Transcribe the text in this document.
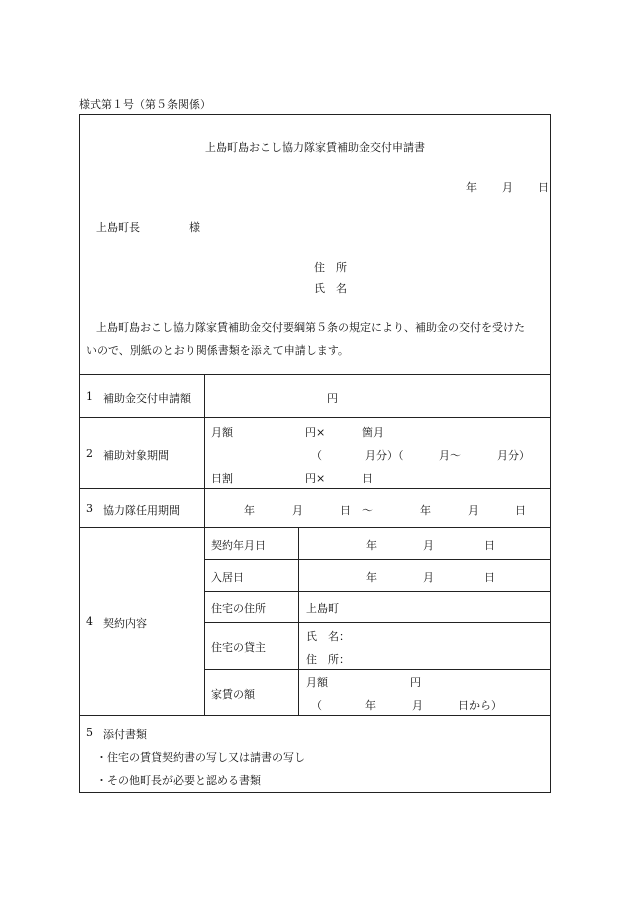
様式第１号（第５条関係）
上島町島おこし協力隊家賃補助金交付申請書
年 月 日
上島町長	様
住　所
氏　名
上島町島おこし協力隊家賃補助金交付要綱第５条の規定により、補助金の交付を受けた
いので、別紙のとおり関係書類を添えて申請します。
1 補助金交付申請額	円
2 補助対象期間
月額	円×	箇月
（	月分）（	月～	月分）
日割	円×	日
3 協力隊任用期間	年	月	日 ～	年	月	日
4 契約内容
契約年月日	年	月	日
入居日	年	月	日
住宅の住所	上島町
住宅の貸主
氏　名：
住　所：
家賃の額
月額	円
（	年	月	日から）
5 添付書類
・住宅の賃貸契約書の写し又は請書の写し
・その他町長が必要と認める書類
